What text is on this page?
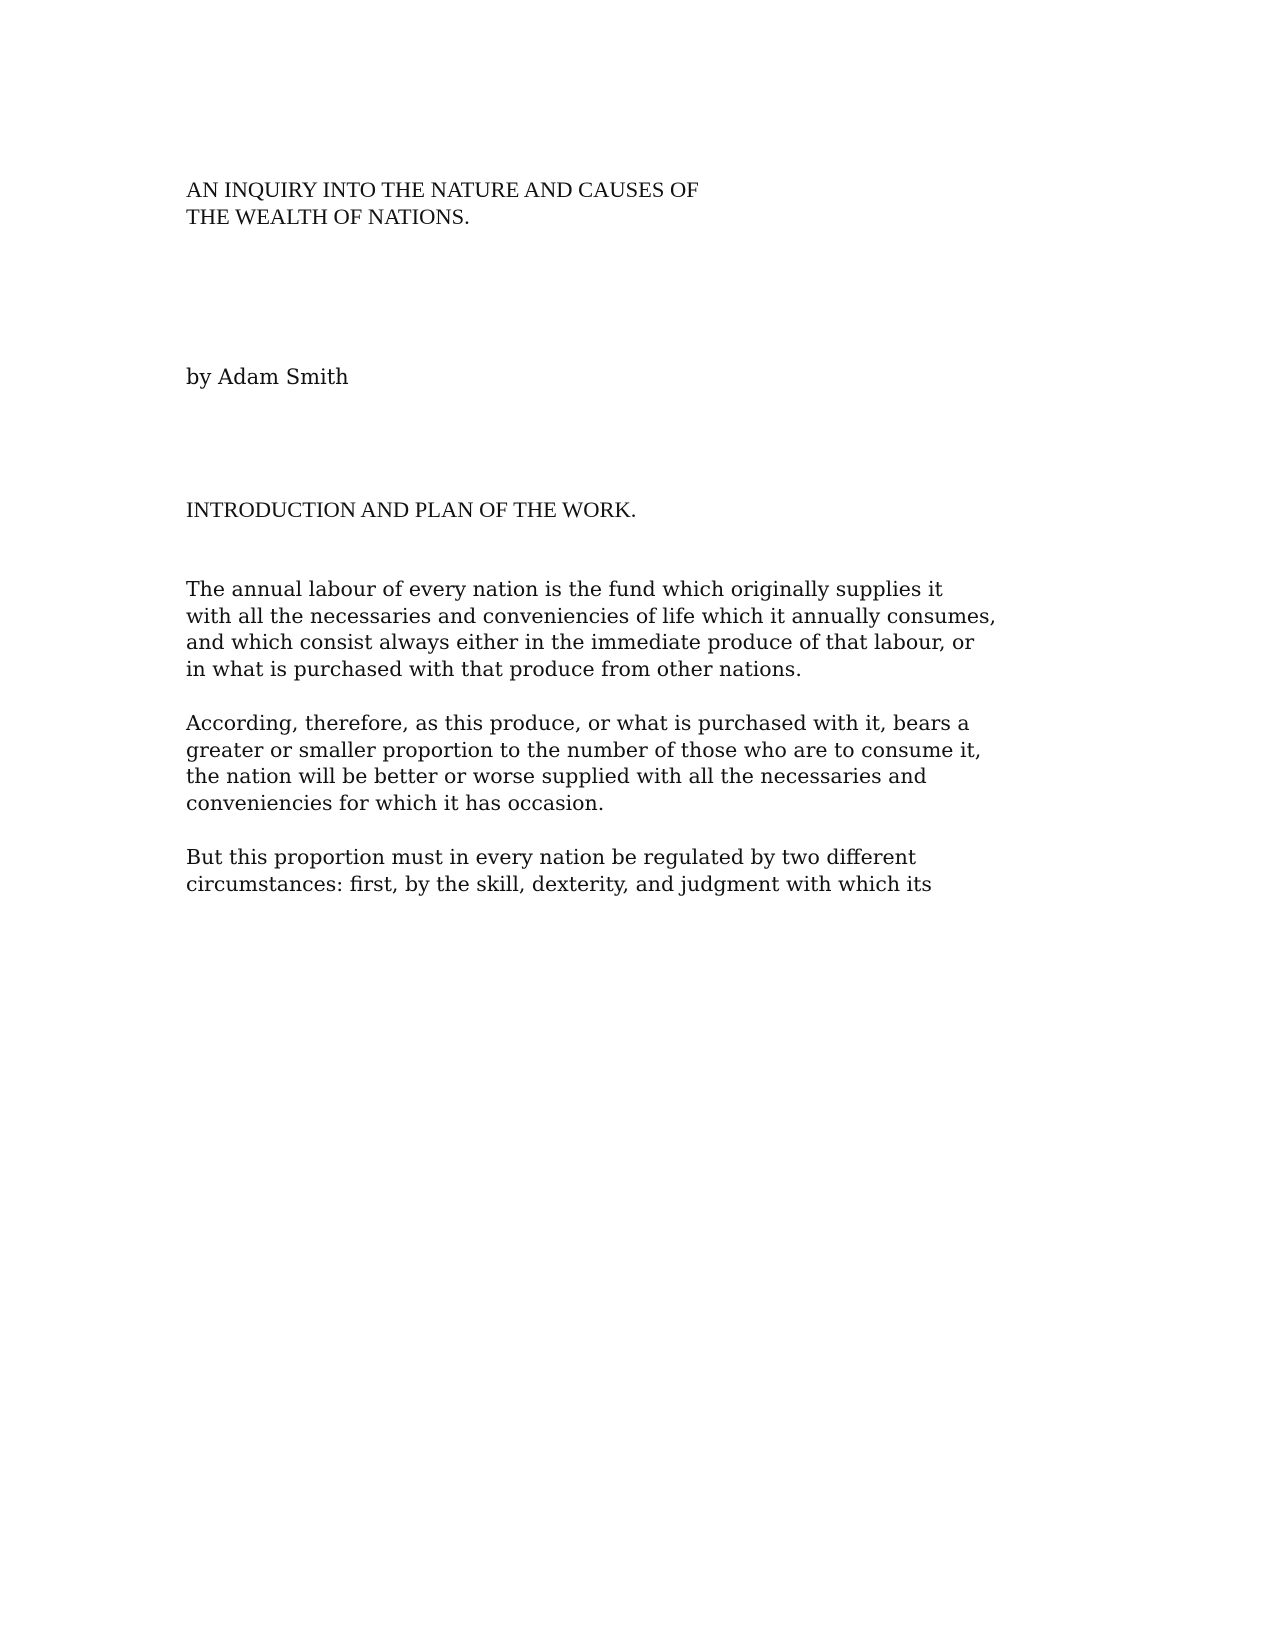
AN INQUIRY INTO THE NATURE AND CAUSES OF
THE WEALTH OF NATIONS.
by Adam Smith
INTRODUCTION AND PLAN OF THE WORK.
The annual labour of every nation is the fund which originally supplies it
with all the necessaries and conveniencies of life which it annually consumes,
and which consist always either in the immediate produce of that labour, or
in what is purchased with that produce from other nations.
According, therefore, as this produce, or what is purchased with it, bears a
greater or smaller proportion to the number of those who are to consume it,
the nation will be better or worse supplied with all the necessaries and
conveniencies for which it has occasion.
But this proportion must in every nation be regulated by two different
circumstances: first, by the skill, dexterity, and judgment with which its
